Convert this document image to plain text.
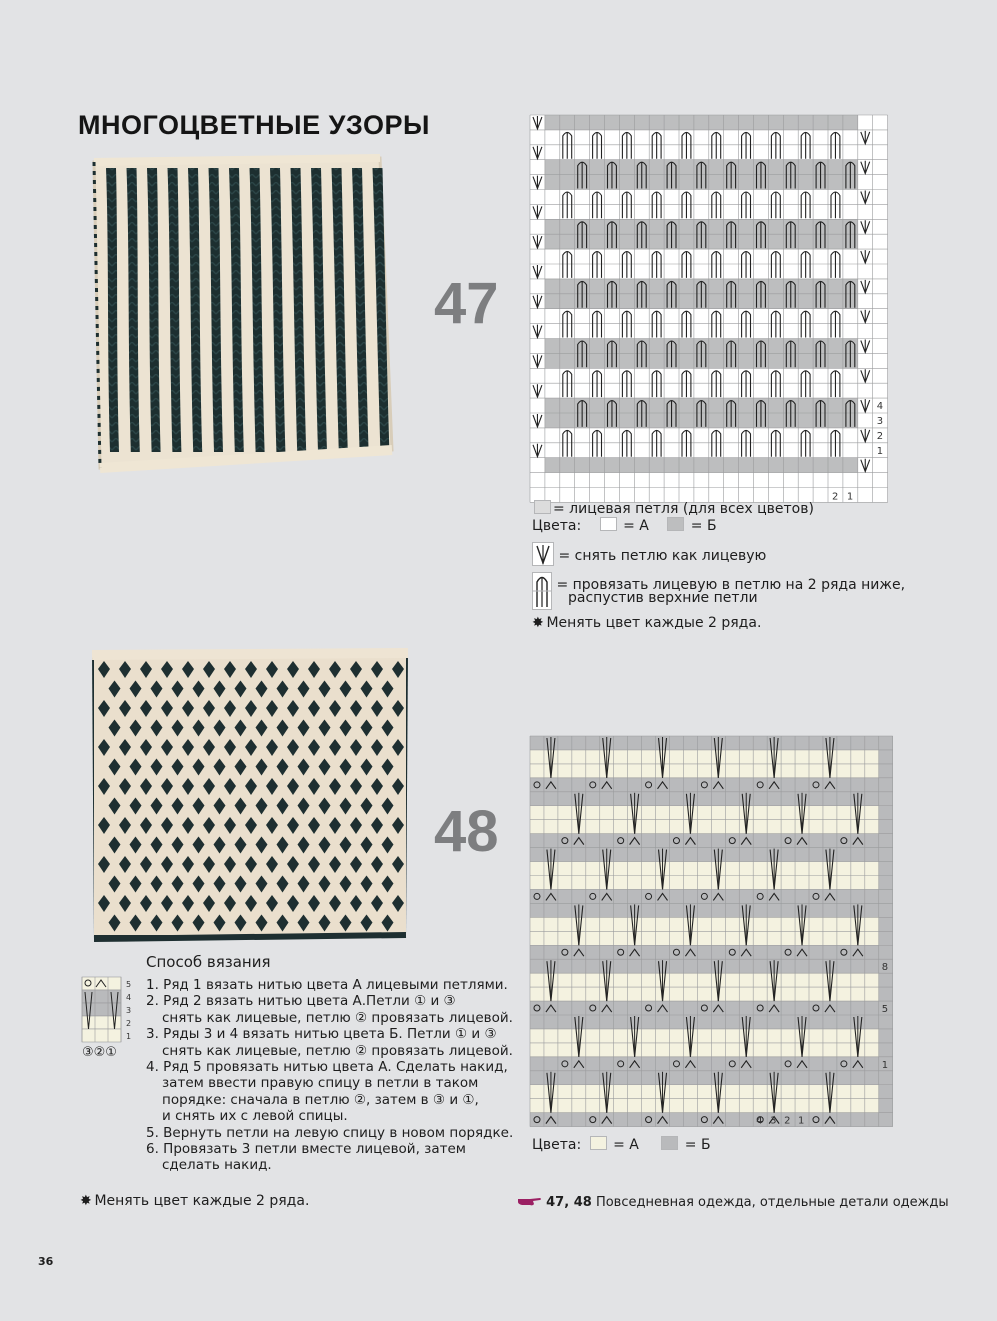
МНОГОЦВЕТНЫЕ УЗОРЫ
47
4
3
2
1
2 1
= лицевая петля (для всех цветов)
Цвета:	= А	= Б
= снять петлю как лицевую
= провязать лицевую в петлю на 2 ряда ниже,
распустив верхние петли
✸ Менять цвет каждые 2 ряда.
48
8
5
1
4 3 2 1
Цвета: = А	= Б
Способ вязания
5
4
3
2
1
③②①
1. Ряд 1 вязать нитью цвета А лицевыми петлями.
2. Ряд 2 вязать нитью цвета А.Петли ① и ③
снять как лицевые, петлю ② провязать лицевой.
3. Ряды 3 и 4 вязать нитью цвета Б. Петли ① и ③
снять как лицевые, петлю ② провязать лицевой.
4. Ряд 5 провязать нитью цвета А. Сделать накид,
затем ввести правую спицу в петли в таком
порядке: сначала в петлю ②, затем в ③ и ①,
и снять их с левой спицы.
5. Вернуть петли на левую спицу в новом порядке.
6. Провязать 3 петли вместе лицевой, затем
сделать накид.
✸ Менять цвет каждые 2 ряда.	47, 48 Повседневная одежда, отдельные детали одежды
36
